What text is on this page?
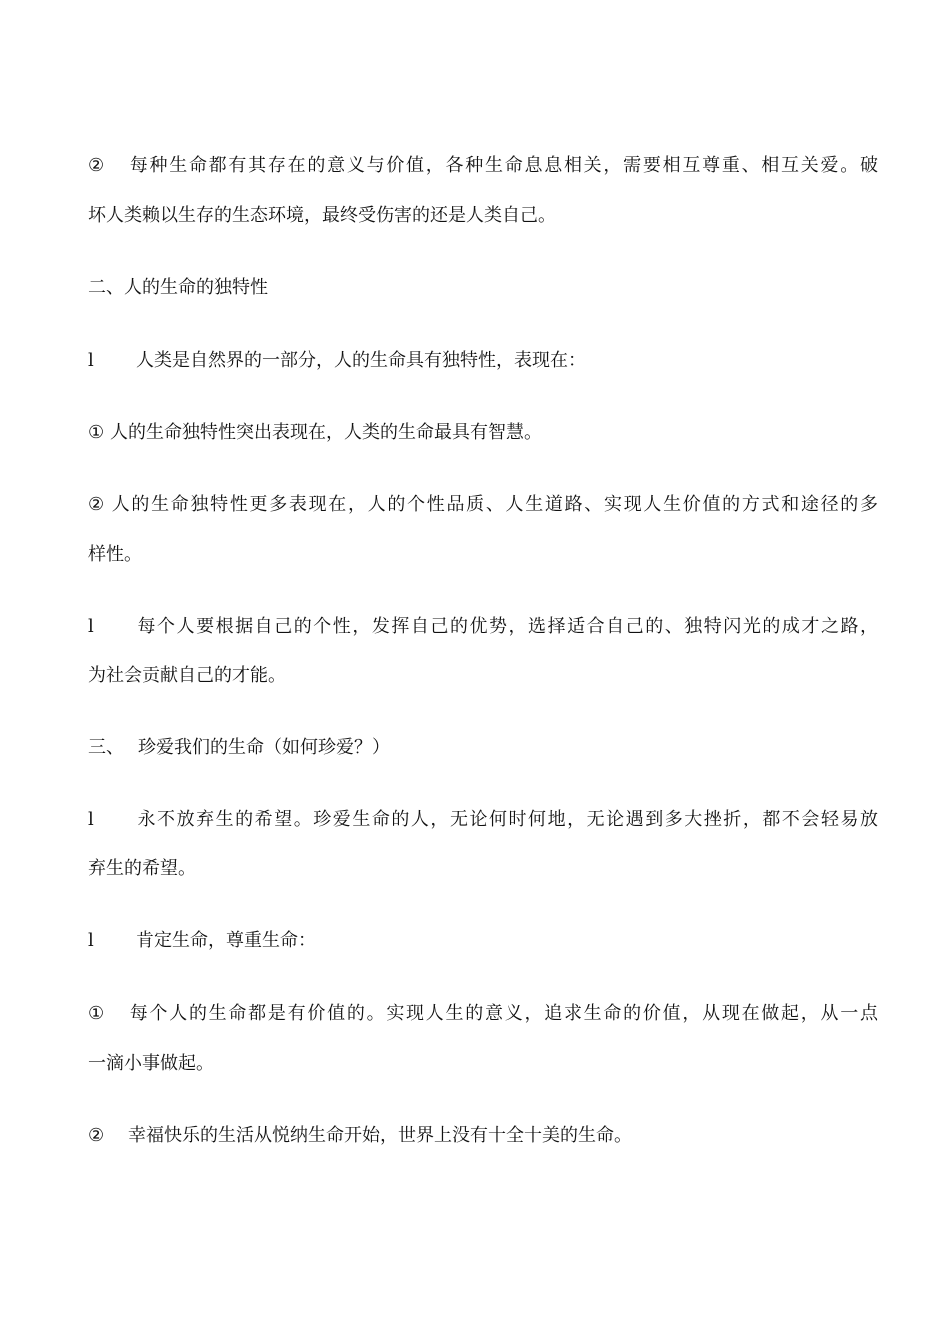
② 每种生命都有其存在的意义与价值，各种生命息息相关，需要相互尊重、相互关爱。破
坏人类赖以生存的生态环境，最终受伤害的还是人类自己。
二、人的生命的独特性
l 人类是自然界的一部分，人的生命具有独特性，表现在：
① 人的生命独特性突出表现在，人类的生命最具有智慧。
② 人的生命独特性更多表现在，人的个性品质、人生道路、实现人生价值的方式和途径的多
样性。
l 每个人要根据自己的个性，发挥自己的优势，选择适合自己的、独特闪光的成才之路，
为社会贡献自己的才能。
三、 珍爱我们的生命（如何珍爱？）
l 永不放弃生的希望。珍爱生命的人，无论何时何地，无论遇到多大挫折，都不会轻易放
弃生的希望。
l 肯定生命，尊重生命：
① 每个人的生命都是有价值的。实现人生的意义，追求生命的价值，从现在做起，从一点
一滴小事做起。
② 幸福快乐的生活从悦纳生命开始，世界上没有十全十美的生命。
